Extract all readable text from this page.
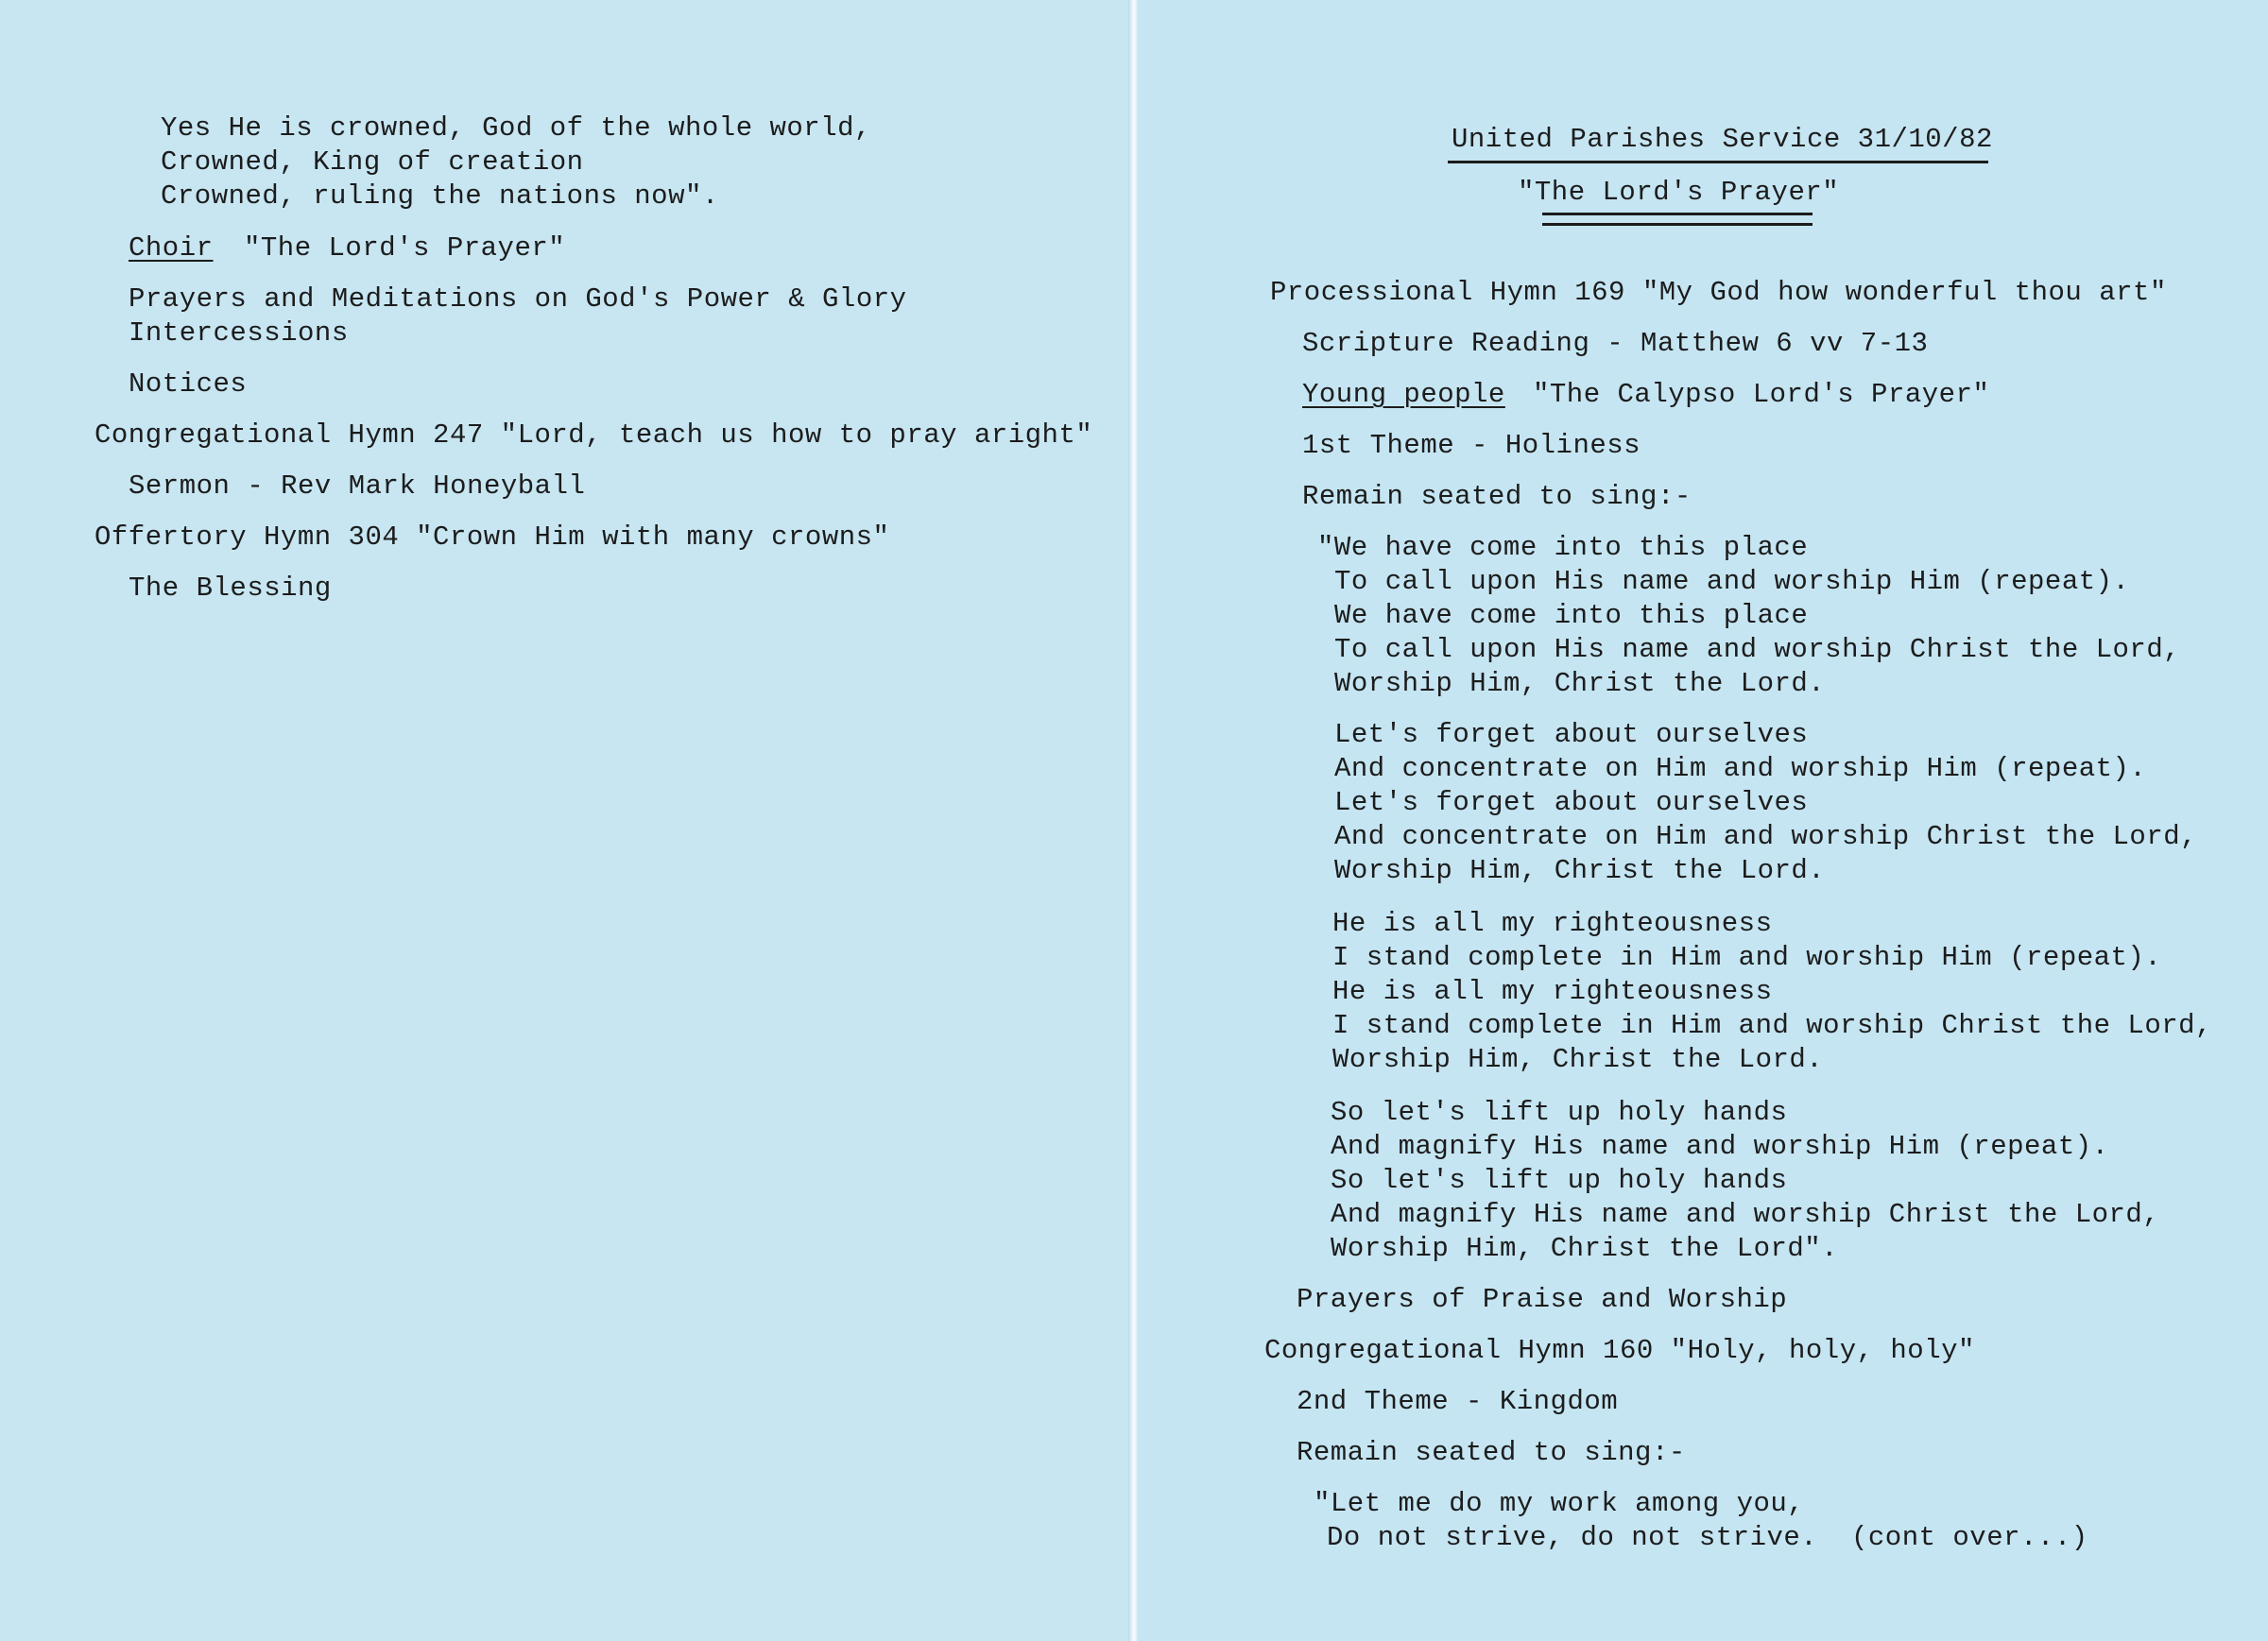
Yes He is crowned, God of the whole world,
Crowned, King of creation
Crowned, ruling the nations now".
Choir "The Lord's Prayer"
Prayers and Meditations on God's Power & Glory
Intercessions
Notices
Congregational Hymn 247 "Lord, teach us how to pray aright"
Sermon - Rev Mark Honeyball
Offertory Hymn 304 "Crown Him with many crowns"
The Blessing
United Parishes Service 31/10/82
"The Lord's Prayer"
Processional Hymn 169 "My God how wonderful thou art"
Scripture Reading - Matthew 6 vv 7-13
Young people "The Calypso Lord's Prayer"
1st Theme - Holiness
Remain seated to sing:-
"We have come into this place
To call upon His name and worship Him (repeat).
We have come into this place
To call upon His name and worship Christ the Lord,
Worship Him, Christ the Lord.
Let's forget about ourselves
And concentrate on Him and worship Him (repeat).
Let's forget about ourselves
And concentrate on Him and worship Christ the Lord,
Worship Him, Christ the Lord.
He is all my righteousness
I stand complete in Him and worship Him (repeat).
He is all my righteousness
I stand complete in Him and worship Christ the Lord,
Worship Him, Christ the Lord.
So let's lift up holy hands
And magnify His name and worship Him (repeat).
So let's lift up holy hands
And magnify His name and worship Christ the Lord,
Worship Him, Christ the Lord".
Prayers of Praise and Worship
Congregational Hymn 160 "Holy, holy, holy"
2nd Theme - Kingdom
Remain seated to sing:-
"Let me do my work among you,
Do not strive, do not strive.  (cont over...)
